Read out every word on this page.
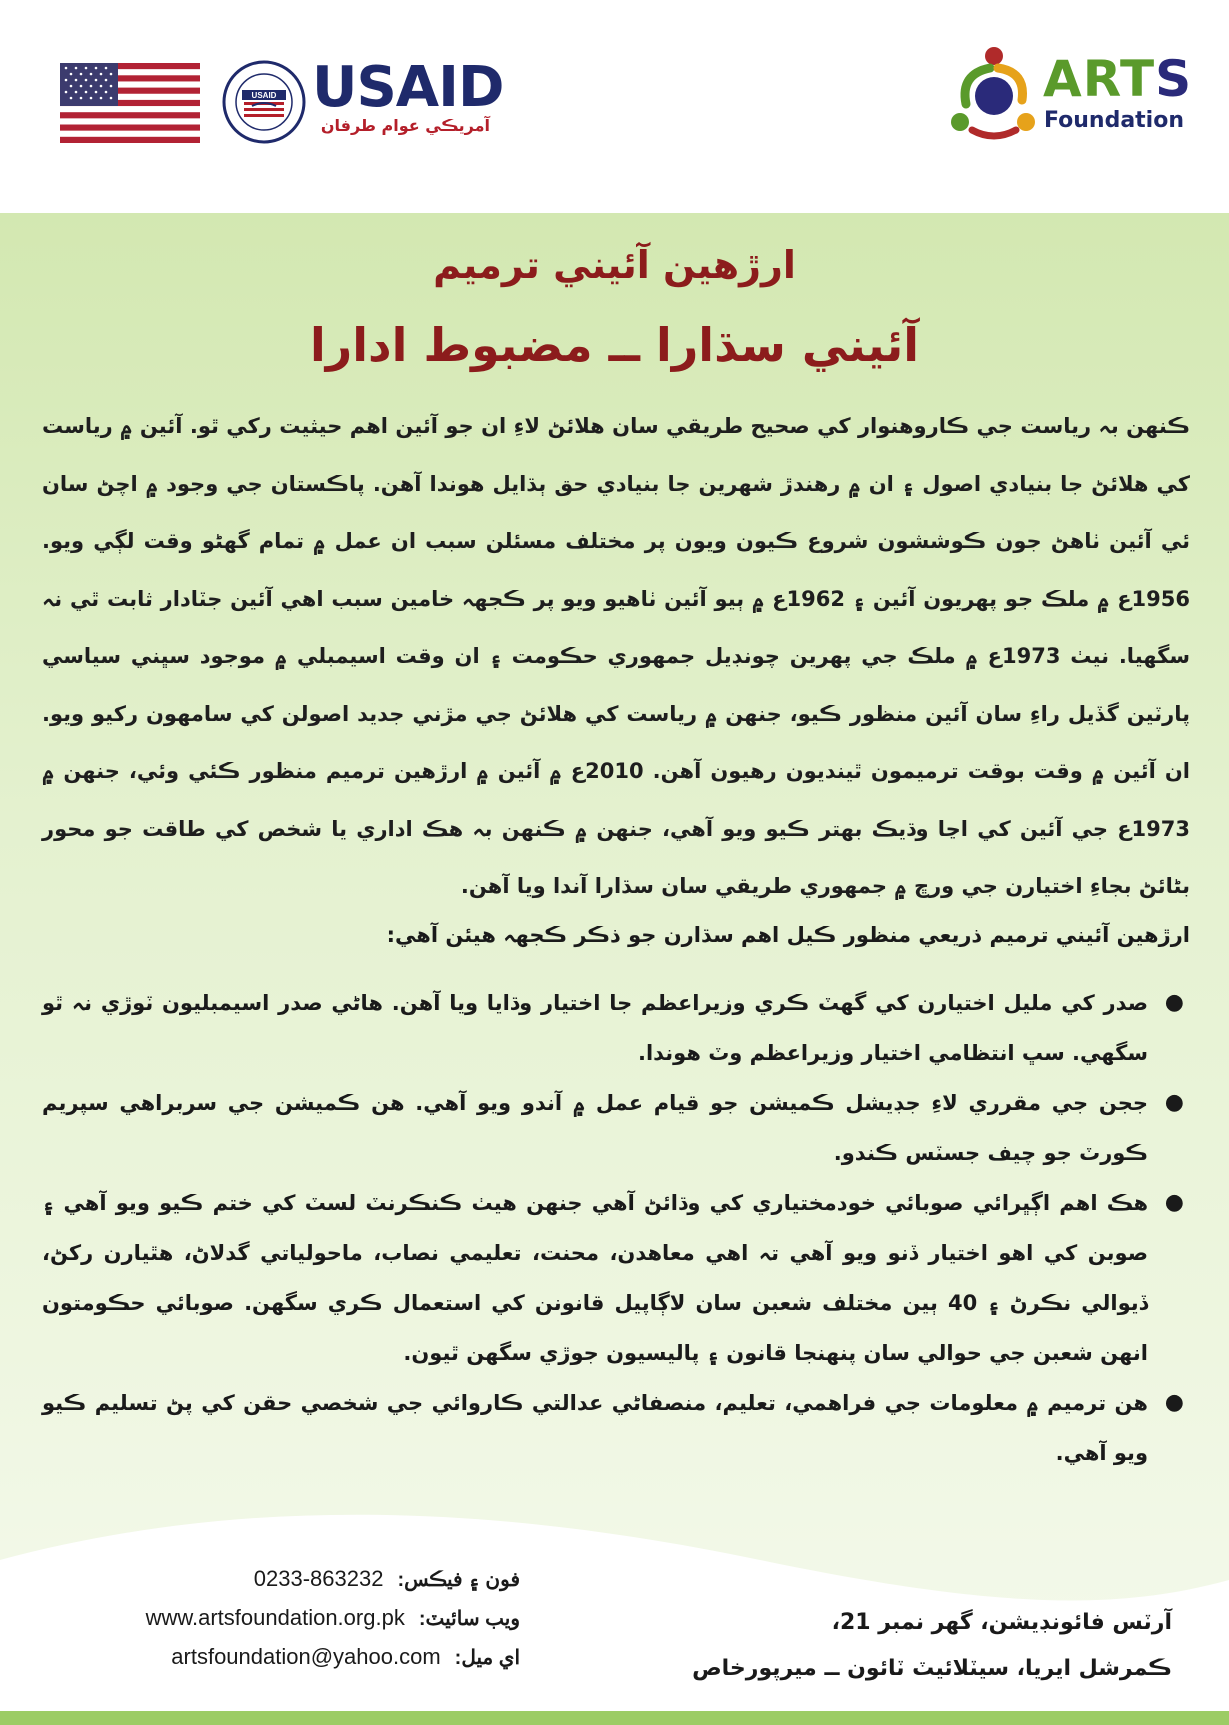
USAID USAID
آمريڪي عوام طرفان
ARTS
Foundation
ارڙهين آئيني ترميم
آئيني سڌارا ــ مضبوط ادارا
ڪنهن بہ رياست جي ڪاروهنوار کي صحيح طريقي سان هلائڻ لاءِ ان جو آئين اهم حيثيت رکي ٿو. آئين ۾ رياست کي هلائڻ جا بنيادي اصول ۽ ان ۾ رهندڙ شهرين جا بنيادي حق ٻڌايل هوندا آهن. پاڪستان جي وجود ۾ اچڻ سان ئي آئين ٺاهڻ جون ڪوششون شروع ڪيون ويون پر مختلف مسئلن سبب ان عمل ۾ تمام گهڻو وقت لڳي ويو. 1956ع ۾ ملڪ جو پهريون آئين ۽ 1962ع ۾ ٻيو آئين ٺاهيو ويو پر ڪجهہ خامين سبب اهي آئين جٽادار ثابت ٿي نہ سگهيا. نيٺ 1973ع ۾ ملڪ جي پهرين چونڊيل جمهوري حڪومت ۽ ان وقت اسيمبلي ۾ موجود سڀني سياسي پارٽين گڏيل راءِ سان آئين منظور ڪيو، جنهن ۾ رياست کي هلائڻ جي مڙني جديد اصولن کي سامهون رکيو ويو. ان آئين ۾ وقت بوقت ترميمون ٿينديون رهيون آهن. 2010ع ۾ آئين ۾ ارڙهين ترميم منظور ڪئي وئي، جنهن ۾ 1973ع جي آئين کي اڃا وڌيڪ بهتر ڪيو ويو آهي، جنهن ۾ ڪنهن بہ هڪ اداري يا شخص کي طاقت جو محور بڻائڻ بجاءِ اختيارن جي ورڇ ۾ جمهوري طريقي سان سڌارا آندا ويا آهن.
ارڙهين آئيني ترميم ذريعي منظور ڪيل اهم سڌارن جو ذڪر ڪجهہ هيئن آهي:
●
صدر کي مليل اختيارن کي گهٽ ڪري وزيراعظم جا اختيار وڌايا ويا آهن. هاڻي صدر اسيمبليون ٽوڙي نہ ٿو سگهي. سڀ انتظامي اختيار وزيراعظم وٽ هوندا.
●
ججن جي مقرري لاءِ جڊيشل ڪميشن جو قيام عمل ۾ آندو ويو آهي. هن ڪميشن جي سربراهي سپريم ڪورٽ جو چيف جسٽس ڪندو.
●
هڪ اهم اڳڀرائي صوبائي خودمختياري کي وڌائڻ آهي جنهن هيٺ ڪنڪرنٽ لسٽ کي ختم ڪيو ويو آهي ۽ صوبن کي اهو اختيار ڏنو ويو آهي تہ اهي معاهدن، محنت، تعليمي نصاب، ماحولياتي گدلاڻ، هٿيارن رکڻ، ڏيوالي نڪرڻ ۽ 40 ٻين مختلف شعبن سان لاڳاپيل قانونن کي استعمال ڪري سگهن. صوبائي حڪومتون انهن شعبن جي حوالي سان پنهنجا قانون ۽ پاليسيون جوڙي سگهن ٿيون.
●
هن ترميم ۾ معلومات جي فراهمي، تعليم، منصفاڻي عدالتي ڪاروائي جي شخصي حقن کي پڻ تسليم ڪيو ويو آهي.
0233-863232 فون ۽ فيڪس:
www.artsfoundation.org.pk ويب سائيٽ:
artsfoundation@yahoo.com اي ميل:
آرٽس فائونڊيشن، گهر نمبر 21،
ڪمرشل ايريا، سيٽلائيٽ ٽائون ــ ميرپورخاص
